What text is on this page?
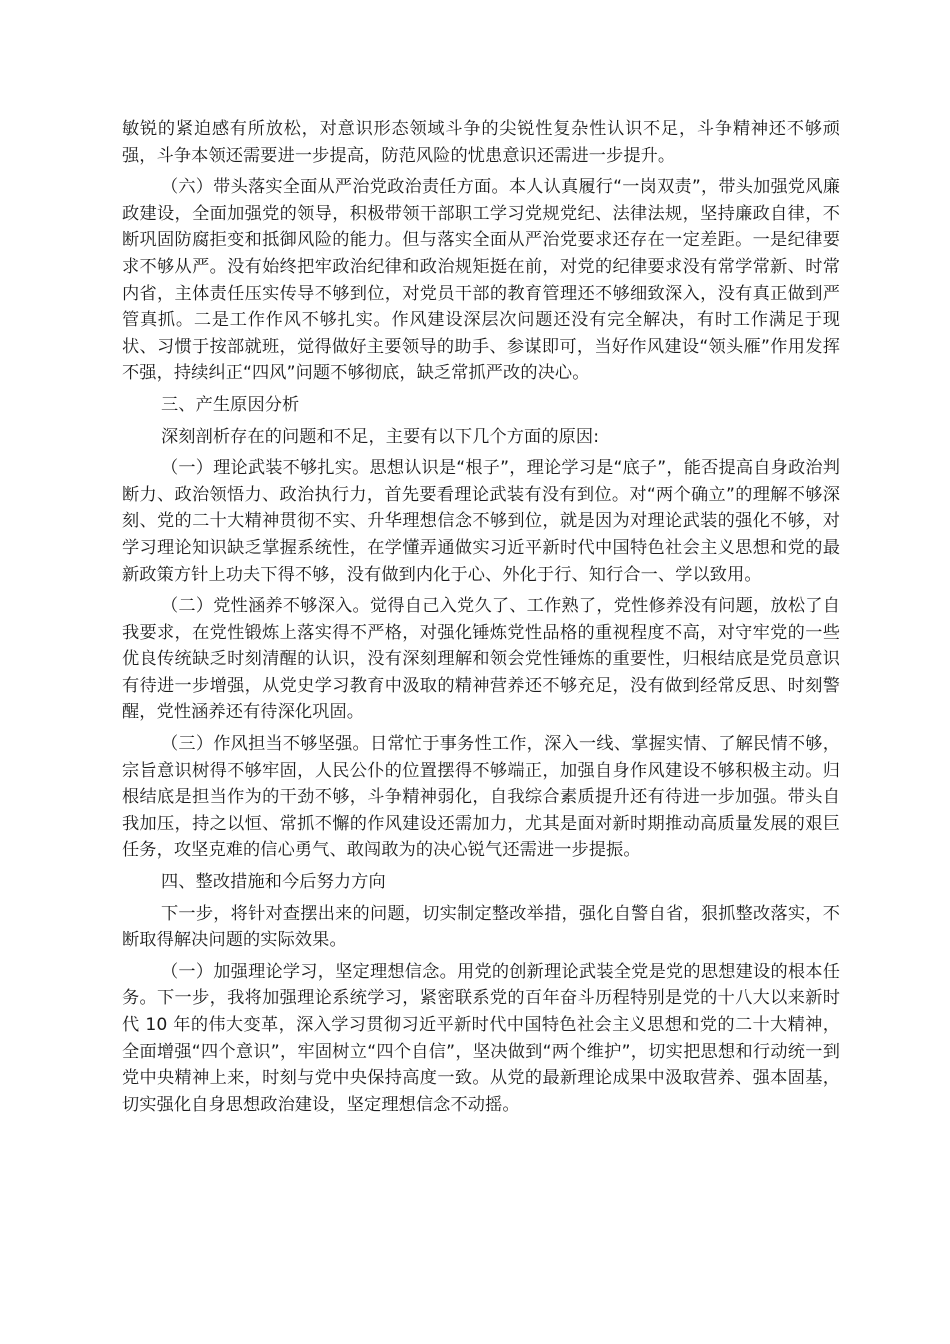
敏锐的紧迫感有所放松，对意识形态领域斗争的尖锐性复杂性认识不足，斗争精神还不够顽强，斗争本领还需要进一步提高，防范风险的忧患意识还需进一步提升。

（六）带头落实全面从严治党政治责任方面。本人认真履行“一岗双责”，带头加强党风廉政建设，全面加强党的领导，积极带领干部职工学习党规党纪、法律法规，坚持廉政自律，不断巩固防腐拒变和抵御风险的能力。但与落实全面从严治党要求还存在一定差距。一是纪律要求不够从严。没有始终把牢政治纪律和政治规矩挺在前，对党的纪律要求没有常学常新、时常内省，主体责任压实传导不够到位，对党员干部的教育管理还不够细致深入，没有真正做到严管真抓。二是工作作风不够扎实。作风建设深层次问题还没有完全解决，有时工作满足于现状、习惯于按部就班，觉得做好主要领导的助手、参谋即可，当好作风建设“领头雁”作用发挥不强，持续纠正“四风”问题不够彻底，缺乏常抓严改的决心。

三、产生原因分析

深刻剖析存在的问题和不足，主要有以下几个方面的原因:

（一）理论武装不够扎实。思想认识是“根子”，理论学习是“底子”，能否提高自身政治判断力、政治领悟力、政治执行力，首先要看理论武装有没有到位。对“两个确立”的理解不够深刻、党的二十大精神贯彻不实、升华理想信念不够到位，就是因为对理论武装的强化不够，对学习理论知识缺乏掌握系统性，在学懂弄通做实习近平新时代中国特色社会主义思想和党的最新政策方针上功夫下得不够，没有做到内化于心、外化于行、知行合一、学以致用。

（二）党性涵养不够深入。觉得自己入党久了、工作熟了，党性修养没有问题，放松了自我要求，在党性锻炼上落实得不严格，对强化锤炼党性品格的重视程度不高，对守牢党的一些优良传统缺乏时刻清醒的认识，没有深刻理解和领会党性锤炼的重要性，归根结底是党员意识有待进一步增强，从党史学习教育中汲取的精神营养还不够充足，没有做到经常反思、时刻警醒，党性涵养还有待深化巩固。

（三）作风担当不够坚强。日常忙于事务性工作，深入一线、掌握实情、了解民情不够，宗旨意识树得不够牢固，人民公仆的位置摆得不够端正，加强自身作风建设不够积极主动。归根结底是担当作为的干劲不够，斗争精神弱化，自我综合素质提升还有待进一步加强。带头自我加压，持之以恒、常抓不懈的作风建设还需加力，尤其是面对新时期推动高质量发展的艰巨任务，攻坚克难的信心勇气、敢闯敢为的决心锐气还需进一步提振。

四、整改措施和今后努力方向

下一步，将针对查摆出来的问题，切实制定整改举措，强化自警自省，狠抓整改落实，不断取得解决问题的实际效果。

（一）加强理论学习，坚定理想信念。用党的创新理论武装全党是党的思想建设的根本任务。下一步，我将加强理论系统学习，紧密联系党的百年奋斗历程特别是党的十八大以来新时代 10 年的伟大变革，深入学习贯彻习近平新时代中国特色社会主义思想和党的二十大精神，全面增强“四个意识”，牢固树立“四个自信”，坚决做到“两个维护”，切实把思想和行动统一到党中央精神上来，时刻与党中央保持高度一致。从党的最新理论成果中汲取营养、强本固基，切实强化自身思想政治建设，坚定理想信念不动摇。
